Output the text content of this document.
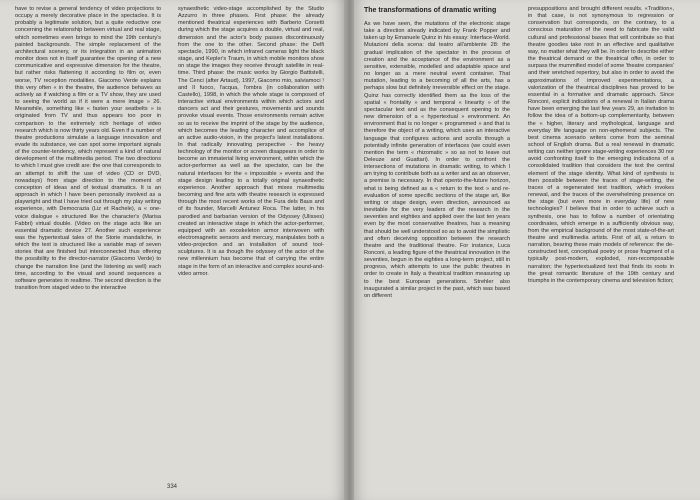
have to revise a general tendency of video projections to occupy a merely decorative place in the spectacles. It is probably a legitimate solution, but a quite reductive one concerning the relationship between virtual and real stage, which sometimes even brings to mind the 19th century's painted backgrounds. The simple replacement of the architectural scenery, or its integration in an animation monitor does not in itself guarantee the opening of a new communicative and expressive dimension for the theatre, but rather risks flattening it according to film or, even worse, TV reception modalities. Giacomo Verde explains this very often « in the theatre, the audience behaves as actively as if watching a film or a TV show, they are used to seeing the world as if it were a mere image » 26. Meanwhile, something like « fasten your seatbelts » is originated from TV and thus appears too poor in comparison to the extremely rich heritage of video research which is now thirty years old. Even if a number of theatre productions simulate a language innovation and evade its substance, we can spot some important signals of the counter-tendency, which represent a kind of natural development of the multimedia period. The two directions to which I must give credit are: the one that corresponds to an attempt to shift the use of video (CD or DVD, nowadays) from stage direction to the moment of conception of ideas and of textual dramatics. It is an approach in which I have been personally involved as a playwright and that I have tried out through my play writing experience, with Democrazia (Liz et Rachele), a « one-voice dialogue » structured like the character's (Marisa Fabbri) virtual double. (Video on the stage acts like an essential dramatic device 27. Another such experience was the hypertextual tales of the Storie mandaliche, in which the text is structured like a variable map of seven stories that are finished but interconnected thus offering the possibility to the director-narrator (Giacomo Verde) to change the narration line (and the listening as well) each time, according to the visual and sound sequences a software generates in realtime. The second direction is the transition from staged video to the interactive

synaesthetic video-stage accomplished by the Studio Azzurro in three phases. First phase: the already mentioned theatrical experiences with Barberio Corsetti during which the stage acquires a double, virtual and real, dimension and the actor's body passes discontinuously from the one to the other. Second phase: the Delfi spectacle, 1990, in which infrared cameras light the black stage, and Kepler's Traum, in which mobile monitors show on stage the images they receive through satellite in real-time. Third phase: the music works by Giorgio Battistelli, The Cenci (after Artaud), 1997, Giacomo mio, salviamoci ! and Il fuoco, l'acqua, l'ombra (in collaboration with Castello), 1998, in which the whole stage is composed of interactive virtual environments within which actors and dancers act and their gestures, movements and sounds provoke visual events. Those environments remain active so as to receive the imprint of the stage by the audience, which becomes the leading character and accomplice of an active audio-vision, in the project's latest installations. In that radically innovating perspective - the heavy technology of the monitor or screen disappears in order to become an immaterial living environment, within which the actor-performer as well as the spectator, can be the natural interfaces for the « impossible » events and the stage design leading to a totally original synaesthetic experience. Another approach that mixes multimedia becoming and fine arts with theatre research is expressed through the most recent works of the Fura dels Baus and of its founder, Marcelli Antunez Roca. The latter, in his parodied and barbarian version of the Odyssey (Ulisses) created an interactive stage in which the actor-performer, equipped with an exoskeleton armor interwoven with electromagnetic sensors and mercury, manipulates both a video-projection and an installation of sound tool-sculptures. It is as though the odyssey of the actor of the new millennium has become that of carrying the entire stage in the form of an interactive and complex sound-and-video armor.

334
The transformations of dramatic writing

As we have seen, the mutations of the electronic stage take a direction already indicated by Frank Popper and taken up by Emanuele Quinz in his essay: Interface-World. Mutazioni della scena: dal teatro all'ambiente 28: the gradual implication of the spectator in the process of creation and the acceptance of the environment as a sensitive, extensible, modelled and adaptable space and no longer as a mere neutral event container. That mutation, leading to a becoming of all the arts, has a perhaps slow but definitely irreversible effect on the stage. Quinz has correctly identified them as the loss of the spatial « frontality » and temporal « linearity » of the spectacular text and as the consequent opening to the new dimension of a « hypertextual » environment. An environment that is no longer « programmed » and that is therefore the object of a writing, which uses an interactive language that configures actions and scrolls through a potentially infinite generation of interfaces (we could even mention the term « rhizomatic » so as not to leave out Deleuze and Guattari). In order to confront the intersections of mutations in dramatic writing, to which I am trying to contribute both as a writer and as an observer, a premise is necessary. In that opento-the-future horizon, what is being defined as a « return to the text » and re-evaluation of some specific sections of the stage art, like writing or stage design, even direction, announced as inevitable for the very leaders of the research in the seventies and eighties and applied over the last ten years even by the most conservative theatres, has a meaning that should be well understood so as to avoid the simplistic and often deceiving opposition between the research theatre and the traditional theatre. For instance, Luca Ronconi, a leading figure of the theatrical innovation in the seventies, begun in the eighties a long-term project, still in progress, which attempts to use the public theatres in order to create in Italy a theatrical tradition measuring up to the best European generations. Strehler also inaugurated a similar project in the past, which was based on different

presuppositions and brought different results. «Tradition», in that case, is not synonymous to regression or conservation but corresponds, on the contrary, to a conscious maturation of the need to fabricate the valid cultural and professional bases that will contribute so that theatre goodies take root in an effective and qualitative way, no matter what they will be. In order to describe either the theatrical demand or the theatrical offer, in order to surpass the mummified model of some 'theatre companies' and their wretched repertory, but also in order to avoid the approximations of improved experimentations, a valorization of the theatrical disciplines has proved to be essential in a formative and dramatic approach. Since Ronconi, explicit indications of a renewal in Italian drama have been emerging the last few years 29, an invitation to follow the idea of a bottom-up complementarity, between the « higher, literary and mythological, language and everyday life language on non-ephemeral subjects. The best cinema scenario writers come from the seminal school of English drama. But a real renewal in dramatic writing can neither ignore stage-writing experiences 30 nor avoid confronting itself to the emerging indications of a consolidated tradition that considers the text the central element of the stage identity. What kind of synthesis is then possible between the traces of stage-writing, the traces of a regenerated text tradition, which invokes renewal, and the traces of the overwhelming presence on the stage (but even more in everyday life) of new technologies? I believe that in order to achieve such a synthesis, one has to follow a number of orientating coordinates, which emerge in a sufficiently obvious way, from the empirical background of the most state-of-the-art theatre and multimedia artists. First of all, a return to narration, bearing these main models of reference: the de-constructed text, conceptual poetry or prose fragment of a typically post-modern, exploded, non-recomposable narration; the hypertextualized text that finds its roots in the great romantic literature of the 19th century and triumphs in the contemporary cinema and television fiction;
